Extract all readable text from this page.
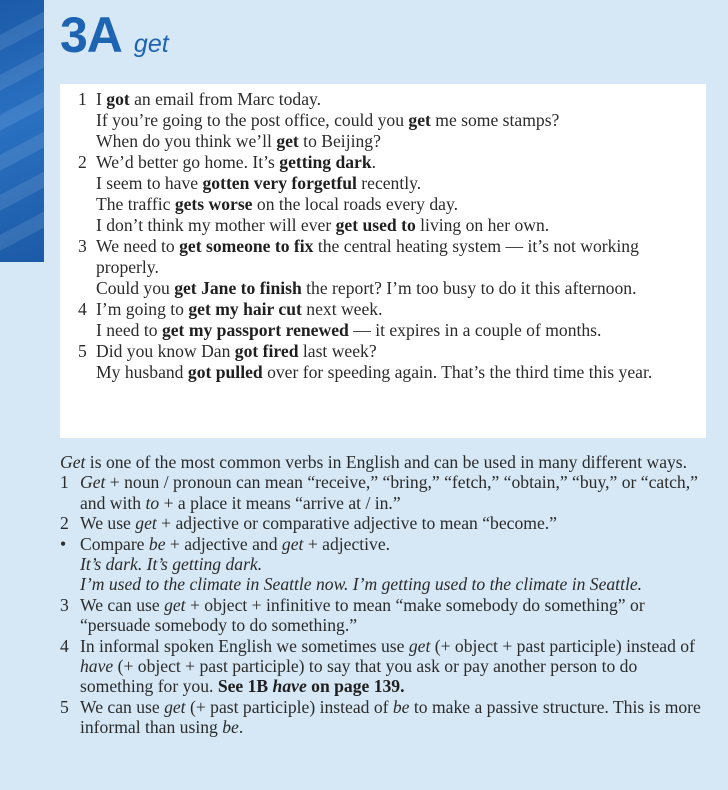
3A get
1 I got an email from Marc today.
If you’re going to the post office, could you get me some stamps?
When do you think we’ll get to Beijing?
2 We’d better go home. It’s getting dark.
I seem to have gotten very forgetful recently.
The traffic gets worse on the local roads every day.
I don’t think my mother will ever get used to living on her own.
3 We need to get someone to fix the central heating system — it’s not working properly.
Could you get Jane to finish the report? I’m too busy to do it this afternoon.
4 I’m going to get my hair cut next week.
I need to get my passport renewed — it expires in a couple of months.
5 Did you know Dan got fired last week?
My husband got pulled over for speeding again. That’s the third time this year.

Get is one of the most common verbs in English and can be used in many different ways.

1 Get + noun / pronoun can mean “receive,” “bring,” “fetch,” “obtain,” “buy,” or “catch,” and with to + a place it means “arrive at / in.”
2 We use get + adjective or comparative adjective to mean “become.”
• Compare be + adjective and get + adjective.
It’s dark. It’s getting dark.
I’m used to the climate in Seattle now. I’m getting used to the climate in Seattle.
3 We can use get + object + infinitive to mean “make somebody do something” or “persuade somebody to do something.”
4 In informal spoken English we sometimes use get (+ object + past participle) instead of have (+ object + past participle) to say that you ask or pay another person to do something for you. See 1B have on page 139.
5 We can use get (+ past participle) instead of be to make a passive structure. This is more informal than using be.
